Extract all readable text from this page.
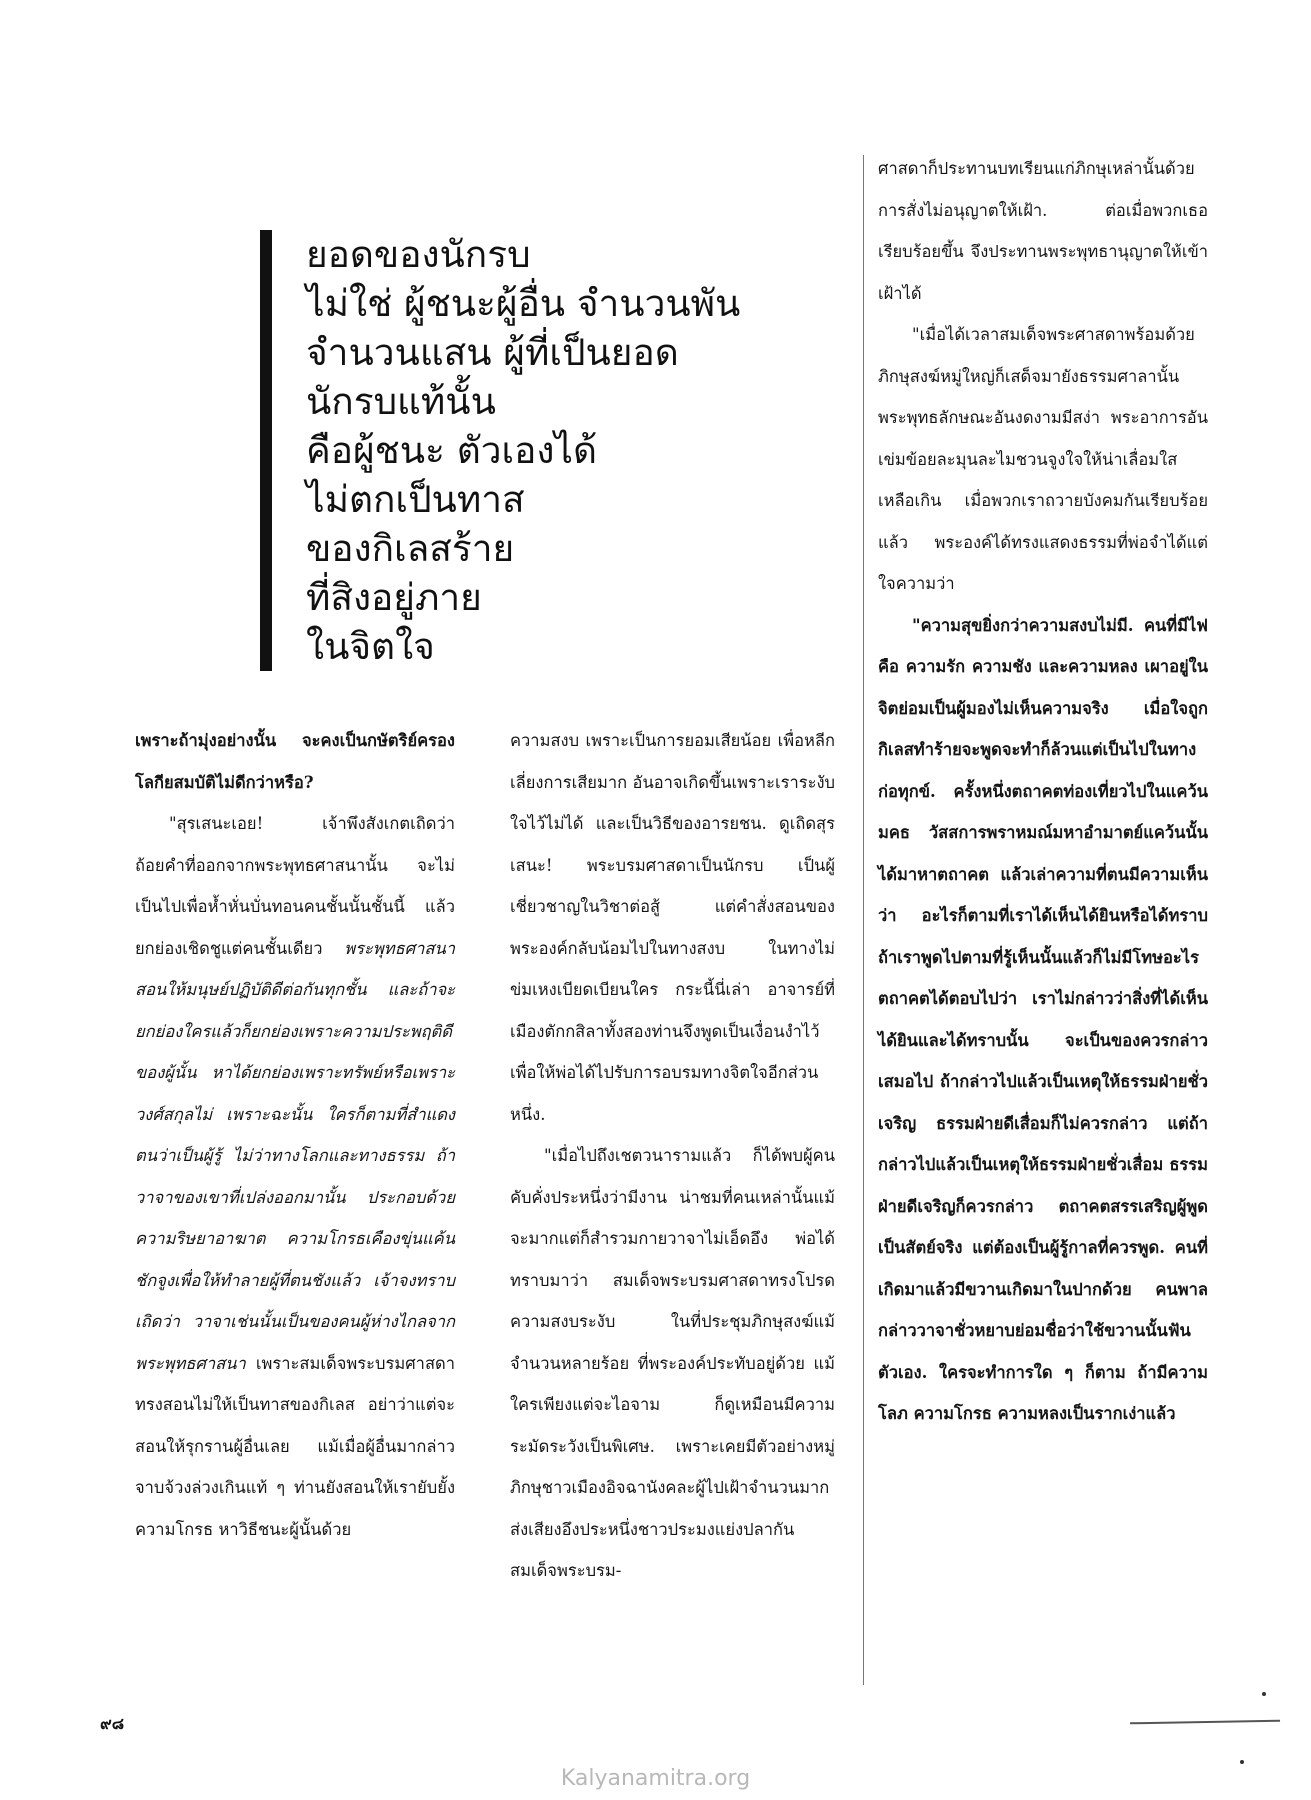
ยอดของนักรบ
ไม่ใช่ ผู้ชนะผู้อื่น จำนวนพัน
จำนวนแสน ผู้ที่เป็นยอด
นักรบแท้นั้น
คือผู้ชนะ ตัวเองได้
ไม่ตกเป็นทาส
ของกิเลสร้าย
ที่สิงอยู่ภาย
ในจิตใจ

เพราะถ้ามุ่งอย่างนั้น จะคงเป็นกษัตริย์ครองโลกียสมบัติไม่ดีกว่าหรือ?

"สุรเสนะเอย! เจ้าพึงสังเกตเถิดว่า ถ้อยคำที่ออกจากพระพุทธศาสนานั้น จะไม่เป็นไปเพื่อห้ำหั่นบั่นทอนคนชั้นนั้นชั้นนี้ แล้วยกย่องเชิดชูแต่คนชั้นเดียว พระพุทธศาสนาสอนให้มนุษย์ปฏิบัติดีต่อกันทุกชั้น และถ้าจะยกย่องใครแล้วก็ยกย่องเพราะความประพฤติดีของผู้นั้น หาได้ยกย่องเพราะทรัพย์หรือเพราะวงศ์สกุลไม่ เพราะฉะนั้น ใครก็ตามที่สำแดงตนว่าเป็นผู้รู้ ไม่ว่าทางโลกและทางธรรม ถ้าวาจาของเขาที่เปล่งออกมานั้น ประกอบด้วยความริษยาอาฆาต ความโกรธเคืองขุ่นแค้น ชักจูงเพื่อให้ทำลายผู้ที่ตนชังแล้ว เจ้าจงทราบเถิดว่า วาจาเช่นนั้นเป็นของคนผู้ห่างไกลจากพระพุทธศาสนา เพราะสมเด็จพระบรมศาสดา ทรงสอนไม่ให้เป็นทาสของกิเลส อย่าว่าแต่จะสอนให้รุกรานผู้อื่นเลย แม้เมื่อผู้อื่นมากล่าวจาบจ้วงล่วงเกินแท้ ๆ ท่านยังสอนให้เรายับยั้งความโกรธ หาวิธีชนะผู้นั้นด้วย

ความสงบ เพราะเป็นการยอมเสียน้อย เพื่อหลีกเลี่ยงการเสียมาก อันอาจเกิดขึ้นเพราะเราระงับใจไว้ไม่ได้ และเป็นวิธีของอารยชน. ดูเถิดสุรเสนะ! พระบรมศาสดาเป็นนักรบ เป็นผู้เชี่ยวชาญในวิชาต่อสู้ แต่คำสั่งสอนของพระองค์กลับน้อมไปในทางสงบ ในทางไม่ข่มเหงเบียดเบียนใคร กระนี้นี่เล่า อาจารย์ที่เมืองตักกสิลาทั้งสองท่านจึงพูดเป็นเงื่อนงำไว้ เพื่อให้พ่อได้ไปรับการอบรมทางจิตใจอีกส่วนหนึ่ง.

"เมื่อไปถึงเชตวนารามแล้ว ก็ได้พบผู้คนคับคั่งประหนึ่งว่ามีงาน น่าชมที่คนเหล่านั้นแม้จะมากแต่ก็สำรวมกายวาจาไม่เอ็ดอึง พ่อได้ทราบมาว่า สมเด็จพระบรมศาสดาทรงโปรดความสงบระงับ ในที่ประชุมภิกษุสงฆ์แม้จำนวนหลายร้อย ที่พระองค์ประทับอยู่ด้วย แม้ใครเพียงแต่จะไอจาม ก็ดูเหมือนมีความระมัดระวังเป็นพิเศษ. เพราะเคยมีตัวอย่างหมู่ภิกษุชาวเมืองอิจฉานังคละผู้ไปเฝ้าจำนวนมาก ส่งเสียงอึงประหนึ่งชาวประมงแย่งปลากัน สมเด็จพระบรม-

ศาสดาก็ประทานบทเรียนแก่ภิกษุเหล่านั้นด้วยการสั่งไม่อนุญาตให้เฝ้า. ต่อเมื่อพวกเธอเรียบร้อยขึ้น จึงประทานพระพุทธานุญาตให้เข้าเฝ้าได้

"เมื่อได้เวลาสมเด็จพระศาสดาพร้อมด้วยภิกษุสงฆ์หมู่ใหญ่ก็เสด็จมายังธรรมศาลานั้น พระพุทธลักษณะอันงดงามมีสง่า พระอาการอันเข่มข้อยละมุนละไมชวนจูงใจให้น่าเลื่อมใสเหลือเกิน เมื่อพวกเราถวายบังคมกันเรียบร้อยแล้ว พระองค์ได้ทรงแสดงธรรมที่พ่อจำได้แต่ใจความว่า

"ความสุขยิ่งกว่าความสงบไม่มี. คนที่มีไฟคือ ความรัก ความชัง และความหลง เผาอยู่ในจิตย่อมเป็นผู้มองไม่เห็นความจริง เมื่อใจถูกกิเลสทำร้ายจะพูดจะทำก็ล้วนแต่เป็นไปในทางก่อทุกข์. ครั้งหนึ่งตถาคตท่องเที่ยวไปในแคว้นมคธ วัสสการพราหมณ์มหาอำมาตย์แคว้นนั้นได้มาหาตถาคต แล้วเล่าความที่ตนมีความเห็นว่า อะไรก็ตามที่เราได้เห็นได้ยินหรือได้ทราบ ถ้าเราพูดไปตามที่รู้เห็นนั้นแล้วก็ไม่มีโทษอะไร ตถาคตได้ตอบไปว่า เราไม่กล่าวว่าสิ่งที่ได้เห็นได้ยินและได้ทราบนั้น จะเป็นของควรกล่าวเสมอไป ถ้ากล่าวไปแล้วเป็นเหตุให้ธรรมฝ่ายชั่วเจริญ ธรรมฝ่ายดีเสื่อมก็ไม่ควรกล่าว แต่ถ้ากล่าวไปแล้วเป็นเหตุให้ธรรมฝ่ายชั่วเสื่อม ธรรมฝ่ายดีเจริญก็ควรกล่าว ตถาคตสรรเสริญผู้พูดเป็นสัตย์จริง แต่ต้องเป็นผู้รู้กาลที่ควรพูด. คนที่เกิดมาแล้วมีขวานเกิดมาในปากด้วย คนพาลกล่าววาจาชั่วหยาบย่อมชื่อว่าใช้ขวานนั้นฟันตัวเอง. ใครจะทำการใด ๆ ก็ตาม ถ้ามีความโลภ ความโกรธ ความหลงเป็นรากเง่าแล้ว

๙๘
Kalyanamitra.org
